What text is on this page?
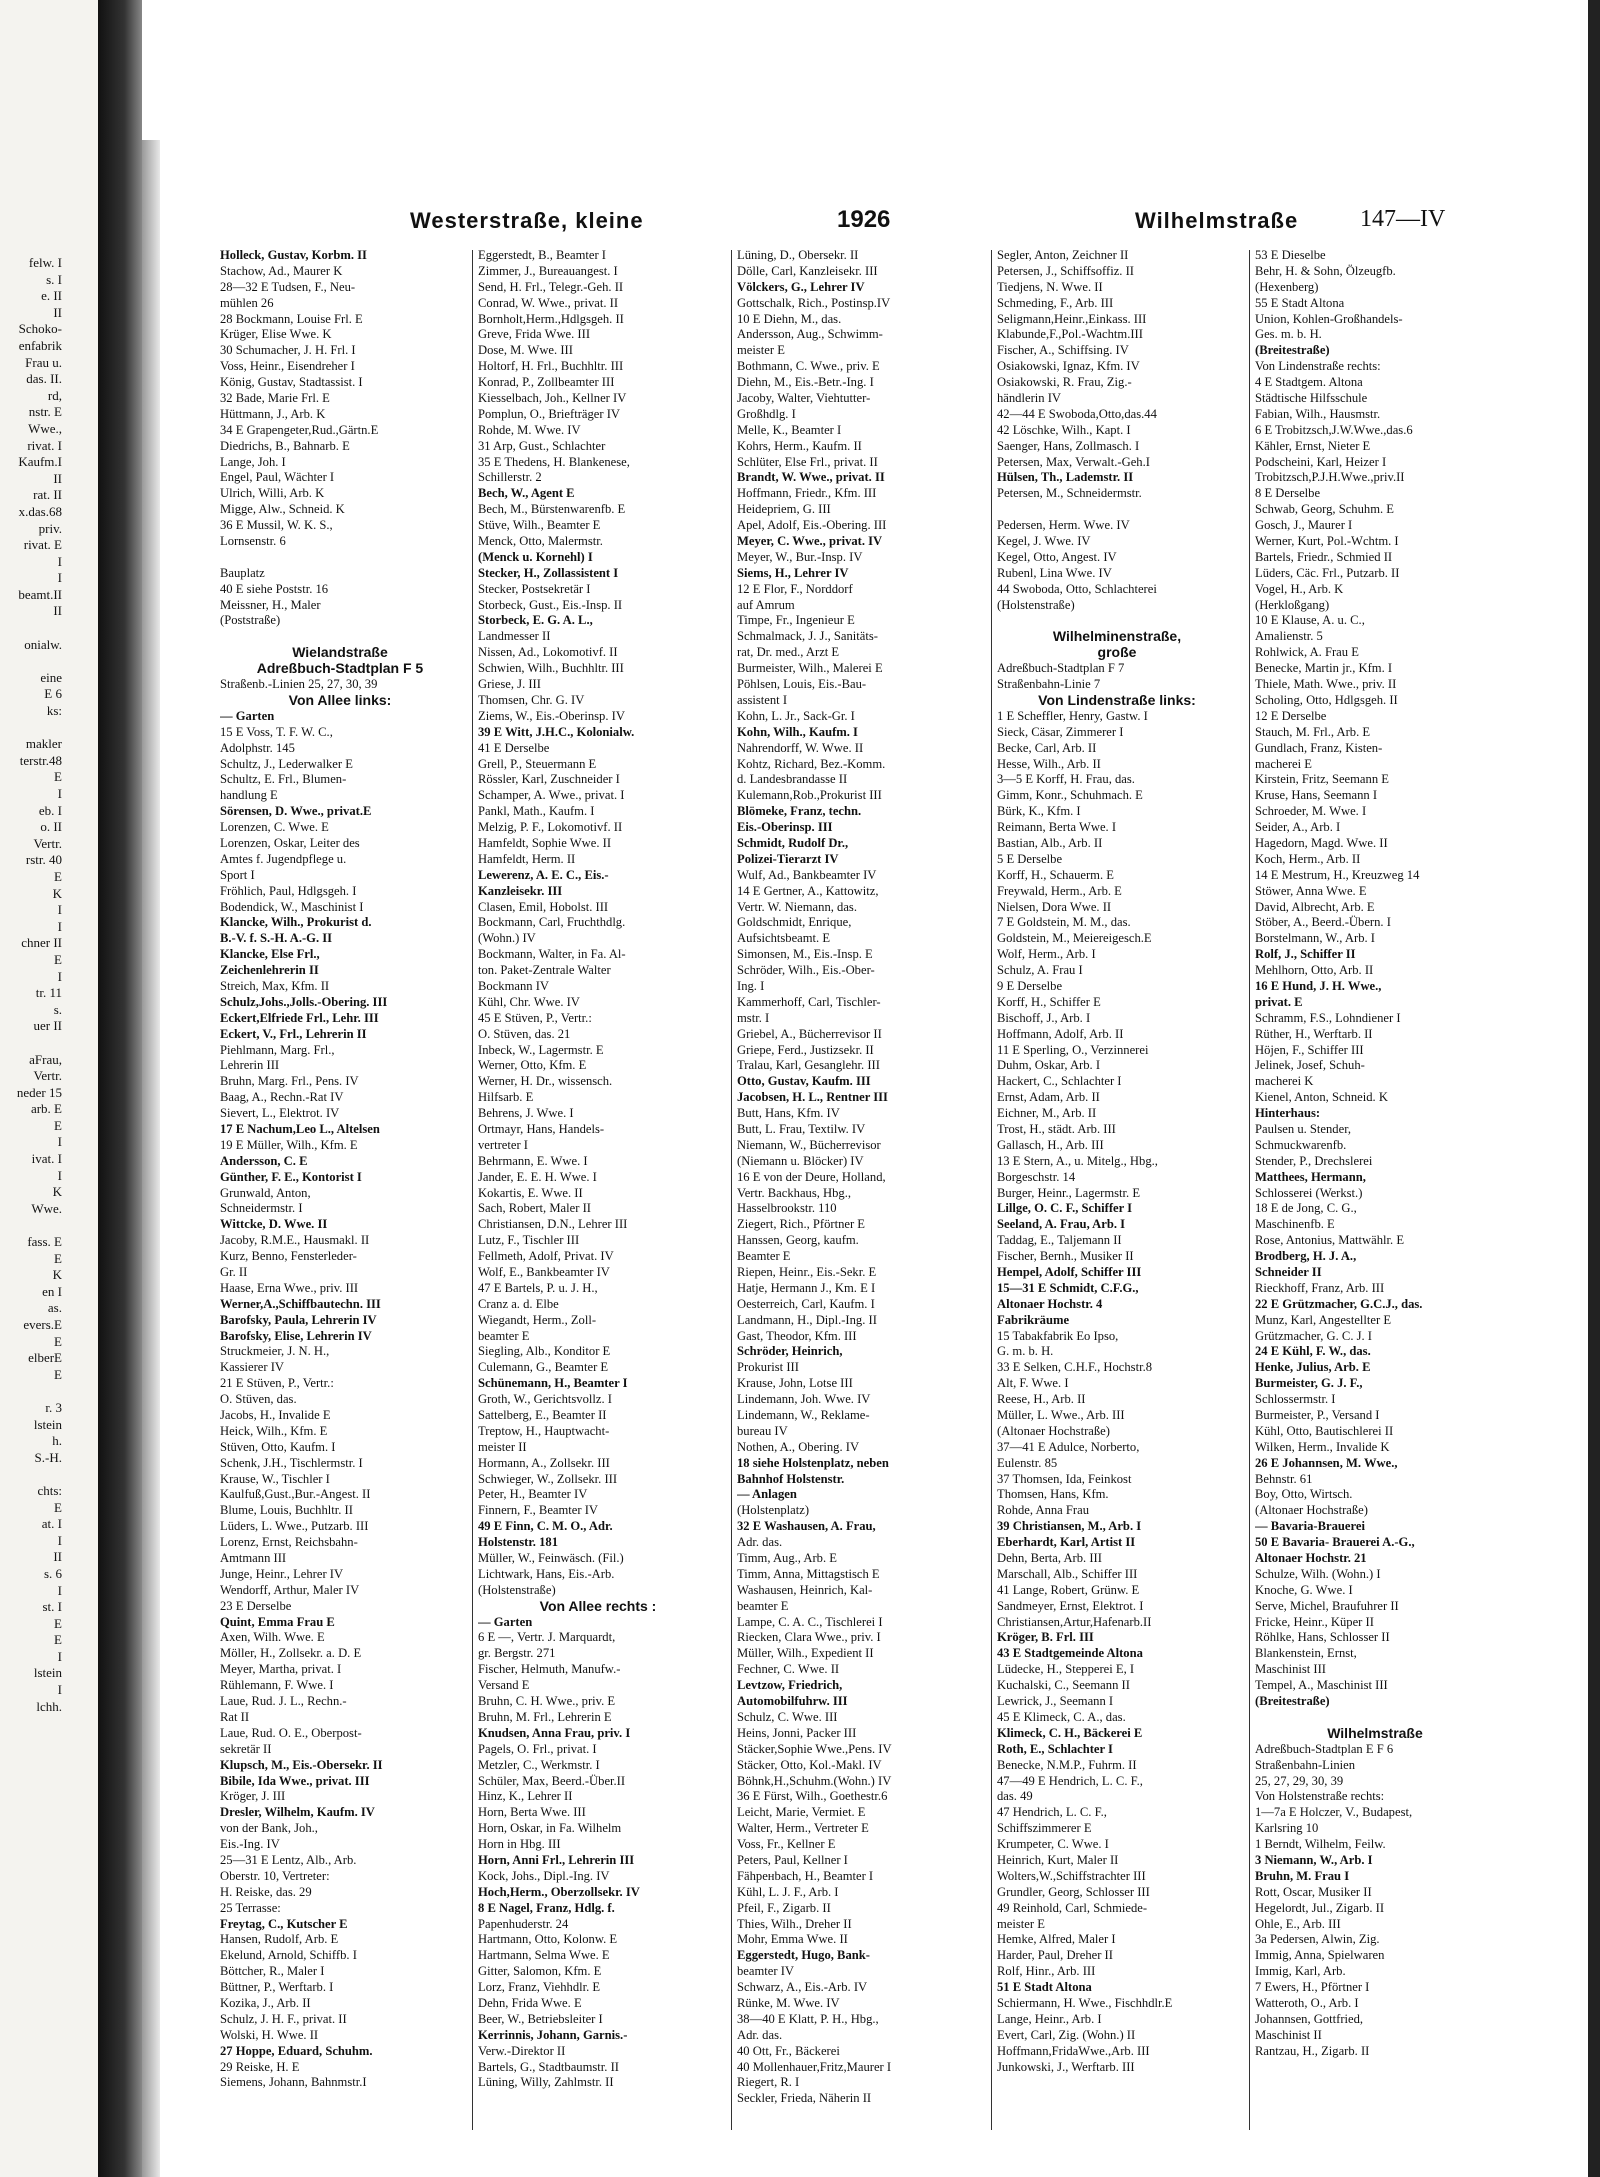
felw. I
s. I
e. II
II
Schoko-
enfabrik
Frau u.
das. II.
rd,
nstr. E
Wwe.,
rivat. I
Kaufm.I
II
rat. II
x.das.68
priv.
rivat. E
I
I
beamt.II
II
onialw.
eine
E 6
ks:
makler
terstr.48
E
I
eb. I
o. II
Vertr.
rstr. 40
E
K
I
I
chner II
E
I
tr. 11
s.
uer II
aFrau,
Vertr.
neder 15
arb. E
E
I
ivat. I
I
K
Wwe.
fass. E
E
K
en I
as.
evers.E
E
elberE
E
r. 3
lstein
h.
S.-H.
chts:
E
at. I
I
II
s. 6
I
st. I
E
E
I
lstein
I
lchh.
Westerstraße, kleine	1926	Wilhelmstraße	147—IV
Holleck, Gustav, Korbm. II
Stachow, Ad., Maurer K
28—32 E Tudsen, F., Neu-
mühlen 26
28 Bockmann, Louise Frl. E
Krüger, Elise Wwe. K
30 Schumacher, J. H. Frl. I
Voss, Heinr., Eisendreher I
König, Gustav, Stadtassist. I
32 Bade, Marie Frl. E
Hüttmann, J., Arb. K
34 E Grapengeter,Rud.,Gärtn.E
Diedrichs, B., Bahnarb. E
Lange, Joh. I
Engel, Paul, Wächter I
Ulrich, Willi, Arb. K
Migge, Alw., Schneid. K
36 E Mussil, W. K. S.,
Lornsenstr. 6
Bauplatz
40 E siehe Poststr. 16
Meissner, H., Maler
(Poststraße)
Wielandstraße
Adreßbuch-Stadtplan F 5
Straßenb.-Linien 25, 27, 30, 39
Von Allee links:
— Garten
15 E Voss, T. F. W. C.,
Adolphstr. 145
Schultz, J., Lederwalker E
Schultz, E. Frl., Blumen-
handlung E
Sörensen, D. Wwe., privat.E
Lorenzen, C. Wwe. E
Lorenzen, Oskar, Leiter des
Amtes f. Jugendpflege u.
Sport I
Fröhlich, Paul, Hdlgsgeh. I
Bodendick, W., Maschinist I
Klancke, Wilh., Prokurist d.
B.-V. f. S.-H. A.-G. II
Klancke, Else Frl.,
Zeichenlehrerin II
Streich, Max, Kfm. II
Schulz,Johs.,Jolls.-Obering. III
Eckert,Elfriede Frl., Lehr. III
Eckert, V., Frl., Lehrerin II
Piehlmann, Marg. Frl.,
Lehrerin III
Bruhn, Marg. Frl., Pens. IV
Baag, A., Rechn.-Rat IV
Sievert, L., Elektrot. IV
17 E Nachum,Leo L., Altelsen
19 E Müller, Wilh., Kfm. E
Andersson, C. E
Günther, F. E., Kontorist I
Grunwald, Anton,
Schneidermstr. I
Wittcke, D. Wwe. II
Jacoby, R.M.E., Hausmakl. II
Kurz, Benno, Fensterleder-
Gr. II
Haase, Erna Wwe., priv. III
Werner,A.,Schiffbautechn. III
Barofsky, Paula, Lehrerin IV
Barofsky, Elise, Lehrerin IV
Struckmeier, J. N. H.,
Kassierer IV
21 E Stüven, P., Vertr.:
O. Stüven, das.
Jacobs, H., Invalide E
Heick, Wilh., Kfm. E
Stüven, Otto, Kaufm. I
Schenk, J.H., Tischlermstr. I
Krause, W., Tischler I
Kaulfuß,Gust.,Bur.-Angest. II
Blume, Louis, Buchhltr. II
Lüders, L. Wwe., Putzarb. III
Lorenz, Ernst, Reichsbahn-
Amtmann III
Junge, Heinr., Lehrer IV
Wendorff, Arthur, Maler IV
23 E Derselbe
Quint, Emma Frau E
Axen, Wilh. Wwe. E
Möller, H., Zollsekr. a. D. E
Meyer, Martha, privat. I
Rühlemann, F. Wwe. I
Laue, Rud. J. L., Rechn.-
Rat II
Laue, Rud. O. E., Oberpost-
sekretär II
Klupsch, M., Eis.-Obersekr. II
Bibile, Ida Wwe., privat. III
Kröger, J. III
Dresler, Wilhelm, Kaufm. IV
von der Bank, Joh.,
Eis.-Ing. IV
25—31 E Lentz, Alb., Arb.
Oberstr. 10, Vertreter:
H. Reiske, das. 29
25 Terrasse:
Freytag, C., Kutscher E
Hansen, Rudolf, Arb. E
Ekelund, Arnold, Schiffb. I
Böttcher, R., Maler I
Büttner, P., Werftarb. I
Kozika, J., Arb. II
Schulz, J. H. F., privat. II
Wolski, H. Wwe. II
27 Hoppe, Eduard, Schuhm.
29 Reiske, H. E
Siemens, Johann, Bahnmstr.I
Eggerstedt, B., Beamter I
Zimmer, J., Bureauangest. I
Send, H. Frl., Telegr.-Geh. II
Conrad, W. Wwe., privat. II
Bornholt,Herm.,Hdlgsgeh. II
Greve, Frida Wwe. III
Dose, M. Wwe. III
Holtorf, H. Frl., Buchhltr. III
Konrad, P., Zollbeamter III
Kiesselbach, Joh., Kellner IV
Pomplun, O., Briefträger IV
Rohde, M. Wwe. IV
31 Arp, Gust., Schlachter
35 E Thedens, H. Blankenese,
Schillerstr. 2
Bech, W., Agent E
Bech, M., Bürstenwarenfb. E
Stüve, Wilh., Beamter E
Menck, Otto, Malermstr.
(Menck u. Kornehl) I
Stecker, H., Zollassistent I
Stecker, Postsekretär I
Storbeck, Gust., Eis.-Insp. II
Storbeck, E. G. A. L.,
Landmesser II
Nissen, Ad., Lokomotivf. II
Schwien, Wilh., Buchhltr. III
Griese, J. III
Thomsen, Chr. G. IV
Ziems, W., Eis.-Oberinsp. IV
39 E Witt, J.H.C., Kolonialw.
41 E Derselbe
Grell, P., Steuermann E
Rössler, Karl, Zuschneider I
Schamper, A. Wwe., privat. I
Pankl, Math., Kaufm. I
Melzig, P. F., Lokomotivf. II
Hamfeldt, Sophie Wwe. II
Hamfeldt, Herm. II
Lewerenz, A. E. C., Eis.-
Kanzleisekr. III
Clasen, Emil, Hobolst. III
Bockmann, Carl, Fruchthdlg.
(Wohn.) IV
Bockmann, Walter, in Fa. Al-
ton. Paket-Zentrale Walter
Bockmann IV
Kühl, Chr. Wwe. IV
45 E Stüven, P., Vertr.:
O. Stüven, das. 21
Inbeck, W., Lagermstr. E
Werner, Otto, Kfm. E
Werner, H. Dr., wissensch.
Hilfsarb. E
Behrens, J. Wwe. I
Ortmayr, Hans, Handels-
vertreter I
Behrmann, E. Wwe. I
Jander, E. E. H. Wwe. I
Kokartis, E. Wwe. II
Sach, Robert, Maler II
Christiansen, D.N., Lehrer III
Lutz, F., Tischler III
Fellmeth, Adolf, Privat. IV
Wolf, E., Bankbeamter IV
47 E Bartels, P. u. J. H.,
Cranz a. d. Elbe
Wiegandt, Herm., Zoll-
beamter E
Siegling, Alb., Konditor E
Culemann, G., Beamter E
Schünemann, H., Beamter I
Groth, W., Gerichtsvollz. I
Sattelberg, E., Beamter II
Treptow, H., Hauptwacht-
meister II
Hormann, A., Zollsekr. III
Schwieger, W., Zollsekr. III
Peter, H., Beamter IV
Finnern, F., Beamter IV
49 E Finn, C. M. O., Adr.
Holstenstr. 181
Müller, W., Feinwäsch. (Fil.)
Lichtwark, Hans, Eis.-Arb.
(Holstenstraße)
Von Allee rechts :
— Garten
6 E —, Vertr. J. Marquardt,
gr. Bergstr. 271
Fischer, Helmuth, Manufw.-
Versand E
Bruhn, C. H. Wwe., priv. E
Bruhn, M. Frl., Lehrerin E
Knudsen, Anna Frau, priv. I
Pagels, O. Frl., privat. I
Metzler, C., Werkmstr. I
Schüler, Max, Beerd.-Über.II
Hinz, K., Lehrer II
Horn, Berta Wwe. III
Horn, Oskar, in Fa. Wilhelm
Horn in Hbg. III
Horn, Anni Frl., Lehrerin III
Kock, Johs., Dipl.-Ing. IV
Hoch,Herm., Oberzollsekr. IV
8 E Nagel, Franz, Hdlg. f.
Papenhuderstr. 24
Hartmann, Otto, Kolonw. E
Hartmann, Selma Wwe. E
Gitter, Salomon, Kfm. E
Lorz, Franz, Viehhdlr. E
Dehn, Frida Wwe. E
Beer, W., Betriebsleiter I
Kerrinnis, Johann, Garnis.-
Verw.-Direktor II
Bartels, G., Stadtbaumstr. II
Lüning, Willy, Zahlmstr. II
Lüning, D., Obersekr. II
Dölle, Carl, Kanzleisekr. III
Völckers, G., Lehrer IV
Gottschalk, Rich., Postinsp.IV
10 E Diehn, M., das.
Andersson, Aug., Schwimm-
meister E
Bothmann, C. Wwe., priv. E
Diehn, M., Eis.-Betr.-Ing. I
Jacoby, Walter, Viehtutter-
Großhdlg. I
Melle, K., Beamter I
Kohrs, Herm., Kaufm. II
Schlüter, Else Frl., privat. II
Brandt, W. Wwe., privat. II
Hoffmann, Friedr., Kfm. III
Heidepriem, G. III
Apel, Adolf, Eis.-Obering. III
Meyer, C. Wwe., privat. IV
Meyer, W., Bur.-Insp. IV
Siems, H., Lehrer IV
12 E Flor, F., Norddorf
auf Amrum
Timpe, Fr., Ingenieur E
Schmalmack, J. J., Sanitäts-
rat, Dr. med., Arzt E
Burmeister, Wilh., Malerei E
Pöhlsen, Louis, Eis.-Bau-
assistent I
Kohn, L. Jr., Sack-Gr. I
Kohn, Wilh., Kaufm. I
Nahrendorff, W. Wwe. II
Kohtz, Richard, Bez.-Komm.
d. Landesbrandasse II
Kulemann,Rob.,Prokurist III
Blömeke, Franz, techn.
Eis.-Oberinsp. III
Schmidt, Rudolf Dr.,
Polizei-Tierarzt IV
Wulf, Ad., Bankbeamter IV
14 E Gertner, A., Kattowitz,
Vertr. W. Niemann, das.
Goldschmidt, Enrique,
Aufsichtsbeamt. E
Simonsen, M., Eis.-Insp. E
Schröder, Wilh., Eis.-Ober-
Ing. I
Kammerhoff, Carl, Tischler-
mstr. I
Griebel, A., Bücherrevisor II
Griepe, Ferd., Justizsekr. II
Tralau, Karl, Gesanglehr. III
Otto, Gustav, Kaufm. III
Jacobsen, H. L., Rentner III
Butt, Hans, Kfm. IV
Butt, L. Frau, Textilw. IV
Niemann, W., Bücherrevisor
(Niemann u. Blöcker) IV
16 E von der Deure, Holland,
Vertr. Backhaus, Hbg.,
Hasselbrookstr. 110
Ziegert, Rich., Pförtner E
Hanssen, Georg, kaufm.
Beamter E
Riepen, Heinr., Eis.-Sekr. E
Hatje, Hermann J., Km. E I
Oesterreich, Carl, Kaufm. I
Landmann, H., Dipl.-Ing. II
Gast, Theodor, Kfm. III
Schröder, Heinrich,
Prokurist III
Krause, John, Lotse III
Lindemann, Joh. Wwe. IV
Lindemann, W., Reklame-
bureau IV
Nothen, A., Obering. IV
18 siehe Holstenplatz, neben
Bahnhof Holstenstr.
— Anlagen
(Holstenplatz)
32 E Washausen, A. Frau,
Adr. das.
Timm, Aug., Arb. E
Timm, Anna, Mittagstisch E
Washausen, Heinrich, Kal-
beamter E
Lampe, C. A. C., Tischlerei I
Riecken, Clara Wwe., priv. I
Müller, Wilh., Expedient II
Fechner, C. Wwe. II
Levtzow, Friedrich,
Automobilfuhrw. III
Schulz, C. Wwe. III
Heins, Jonni, Packer III
Stäcker,Sophie Wwe.,Pens. IV
Stäcker, Otto, Kol.-Makl. IV
Böhnk,H.,Schuhm.(Wohn.) IV
36 E Fürst, Wilh., Goethestr.6
Leicht, Marie, Vermiet. E
Walter, Herm., Vertreter E
Voss, Fr., Kellner E
Peters, Paul, Kellner I
Fähренbach, H., Beamter I
Kühl, L. J. F., Arb. I
Pfeil, F., Zigarb. II
Thies, Wilh., Dreher II
Mohr, Emma Wwe. II
Eggerstedt, Hugo, Bank-
beamter IV
Schwarz, A., Eis.-Arb. IV
Rünke, M. Wwe. IV
38—40 E Klatt, P. H., Hbg.,
Adr. das.
40 Ott, Fr., Bäckerei
40 Mollenhauer,Fritz,Maurer I
Riegert, R. I
Seckler, Frieda, Näherin II
Segler, Anton, Zeichner II
Petersen, J., Schiffsoffiz. II
Tiedjens, N. Wwe. II
Schmeding, F., Arb. III
Seligmann,Heinr.,Einkass. III
Klabunde,F.,Pol.-Wachtm.III
Fischer, A., Schiffsing. IV
Osiakowski, Ignaz, Kfm. IV
Osiakowski, R. Frau, Zig.-
händlerin IV
42—44 E Swoboda,Otto,das.44
42 Löschke, Wilh., Kapt. I
Saenger, Hans, Zollmasch. I
Petersen, Max, Verwalt.-Geh.I
Hülsen, Th., Lademstr. II
Petersen, M., Schneidermstr.
Pedersen, Herm. Wwe. IV
Kegel, J. Wwe. IV
Kegel, Otto, Angest. IV
Rubenl, Lina Wwe. IV
44 Swoboda, Otto, Schlachterei
(Holstenstraße)
Wilhelminenstraße,
große
Adreßbuch-Stadtplan F 7
Straßenbahn-Linie 7
Von Lindenstraße links:
1 E Scheffler, Henry, Gastw. I
Sieck, Cäsar, Zimmerer I
Becke, Carl, Arb. II
Hesse, Wilh., Arb. II
3—5 E Korff, H. Frau, das.
Gimm, Konr., Schuhmach. E
Bürk, K., Kfm. I
Reimann, Berta Wwe. I
Bastian, Alb., Arb. II
5 E Derselbe
Korff, H., Schauerm. E
Freywald, Herm., Arb. E
Nielsen, Dora Wwe. II
7 E Goldstein, M. M., das.
Goldstein, M., Meiereigesch.E
Wolf, Herm., Arb. I
Schulz, A. Frau I
9 E Derselbe
Korff, H., Schiffer E
Bischoff, J., Arb. I
Hoffmann, Adolf, Arb. II
11 E Sperling, O., Verzinnerei
Duhm, Oskar, Arb. I
Hackert, C., Schlachter I
Ernst, Adam, Arb. II
Eichner, M., Arb. II
Trost, H., städt. Arb. III
Gallasch, H., Arb. III
13 E Stern, A., u. Mitelg., Hbg.,
Borgeschstr. 14
Burger, Heinr., Lagermstr. E
Lillge, O. C. F., Schiffer I
Seeland, A. Frau, Arb. I
Taddag, E., Taljemann II
Fischer, Bernh., Musiker II
Hempel, Adolf, Schiffer III
15—31 E Schmidt, C.F.G.,
Altonaer Hochstr. 4
Fabrikräume
15 Tabakfabrik Eo Ipso,
G. m. b. H.
33 E Selken, C.H.F., Hochstr.8
Alt, F. Wwe. I
Reese, H., Arb. II
Müller, L. Wwe., Arb. III
(Altonaer Hochstraße)
37—41 E Adulce, Norberto,
Eulenstr. 85
37 Thomsen, Ida, Feinkost
Thomsen, Hans, Kfm.
Rohde, Anna Frau
39 Christiansen, M., Arb. I
Eberhardt, Karl, Artist II
Dehn, Berta, Arb. III
Marschall, Alb., Schiffer III
41 Lange, Robert, Grünw. E
Sandmeyer, Ernst, Elektrot. I
Christiansen,Artur,Hafenarb.II
Kröger, B. Frl. III
43 E Stadtgemeinde Altona
Lüdecke, H., Stepperei E, I
Kuchalski, C., Seemann II
Lewrick, J., Seemann I
45 E Klimeck, C. A., das.
Klimeck, C. H., Bäckerei E
Roth, E., Schlachter I
Benecke, N.M.P., Fuhrm. II
47—49 E Hendrich, L. C. F.,
das. 49
47 Hendrich, L. C. F.,
Schiffszimmerer E
Krumpeter, C. Wwe. I
Heinrich, Kurt, Maler II
Wolters,W.,Schiffstrachter III
Grundler, Georg, Schlosser III
49 Reinhold, Carl, Schmiede-
meister E
Hemke, Alfred, Maler I
Harder, Paul, Dreher II
Rolf, Hinr., Arb. III
51 E Stadt Altona
Schiermann, H. Wwe., Fischhdlr.E
Lange, Heinr., Arb. I
Evert, Carl, Zig. (Wohn.) II
Hoffmann,FridaWwe.,Arb. III
Junkowski, J., Werftarb. III
53 E Dieselbe
Behr, H. & Sohn, Ölzeugfb.
(Hexenberg)
55 E Stadt Altona
Union, Kohlen-Großhandels-
Ges. m. b. H.
(Breitestraße)
Von Lindenstraße rechts:
4 E Stadtgem. Altona
Städtische Hilfsschule
Fabian, Wilh., Hausmstr.
6 E Trobitzsch,J.W.Wwe.,das.6
Kähler, Ernst, Nieter E
Podscheini, Karl, Heizer I
Trobitzsch,P.J.H.Wwe.,priv.II
8 E Derselbe
Schwab, Georg, Schuhm. E
Gosch, J., Maurer I
Werner, Kurt, Pol.-Wchtm. I
Bartels, Friedr., Schmied II
Lüders, Cäc. Frl., Putzarb. II
Vogel, H., Arb. K
(Herkloßgang)
10 E Klause, A. u. C.,
Amalienstr. 5
Rohlwick, A. Frau E
Benecke, Martin jr., Kfm. I
Thiele, Math. Wwe., priv. II
Scholing, Otto, Hdlgsgeh. II
12 E Derselbe
Stauch, M. Frl., Arb. E
Gundlach, Franz, Kisten-
macherei E
Kirstein, Fritz, Seemann E
Kruse, Hans, Seemann I
Schroeder, M. Wwe. I
Seider, A., Arb. I
Hagedorn, Magd. Wwe. II
Koch, Herm., Arb. II
14 E Mestrum, H., Kreuzweg 14
Stöwer, Anna Wwe. E
David, Albrecht, Arb. E
Stöber, A., Beerd.-Übern. I
Borstelmann, W., Arb. I
Rolf, J., Schiffer II
Mehlhorn, Otto, Arb. II
16 E Hund, J. H. Wwe.,
privat. E
Schramm, F.S., Lohndiener I
Rüther, H., Werftarb. II
Höjen, F., Schiffer III
Jelinek, Josef, Schuh-
macherei K
Kienel, Anton, Schneid. K
Hinterhaus:
Paulsen u. Stender,
Schmuckwarenfb.
Stender, P., Drechslerei
Matthees, Hermann,
Schlosserei (Werkst.)
18 E de Jong, C. G.,
Maschinenfb. E
Rose, Antonius, Mattwählr. E
Brodberg, H. J. A.,
Schneider II
Rieckhoff, Franz, Arb. III
22 E Grützmacher, G.C.J., das.
Munz, Karl, Angestellter E
Grützmacher, G. C. J. I
24 E Kühl, F. W., das.
Henke, Julius, Arb. E
Burmeister, G. J. F.,
Schlossermstr. I
Burmeister, P., Versand I
Kühl, Otto, Bautischlerei II
Wilken, Herm., Invalide K
26 E Johannsen, M. Wwe.,
Behnstr. 61
Boy, Otto, Wirtsch.
(Altonaer Hochstraße)
— Bavaria-Brauerei
50 E Bavaria- Brauerei A.-G.,
Altonaer Hochstr. 21
Schulze, Wilh. (Wohn.) I
Knoche, G. Wwe. I
Serve, Michel, Braufuhrer II
Fricke, Heinr., Küper II
Röhlke, Hans, Schlosser II
Blankenstein, Ernst,
Maschinist III
Tempel, A., Maschinist III
(Breitestraße)
Wilhelmstraße
Adreßbuch-Stadtplan E F 6
Straßenbahn-Linien
25, 27, 29, 30, 39
Von Holstenstraße rechts:
1—7a E Holczer, V., Budapest,
Karlsring 10
1 Berndt, Wilhelm, Feilw.
3 Niemann, W., Arb. I
Bruhn, M. Frau I
Rott, Oscar, Musiker II
Hegelordt, Jul., Zigarb. II
Ohle, E., Arb. III
3a Pedersen, Alwin, Zig.
Immig, Anna, Spielwaren
Immig, Karl, Arb.
7 Ewers, H., Pförtner I
Watteroth, O., Arb. I
Johannsen, Gottfried,
Maschinist II
Rantzau, H., Zigarb. II
